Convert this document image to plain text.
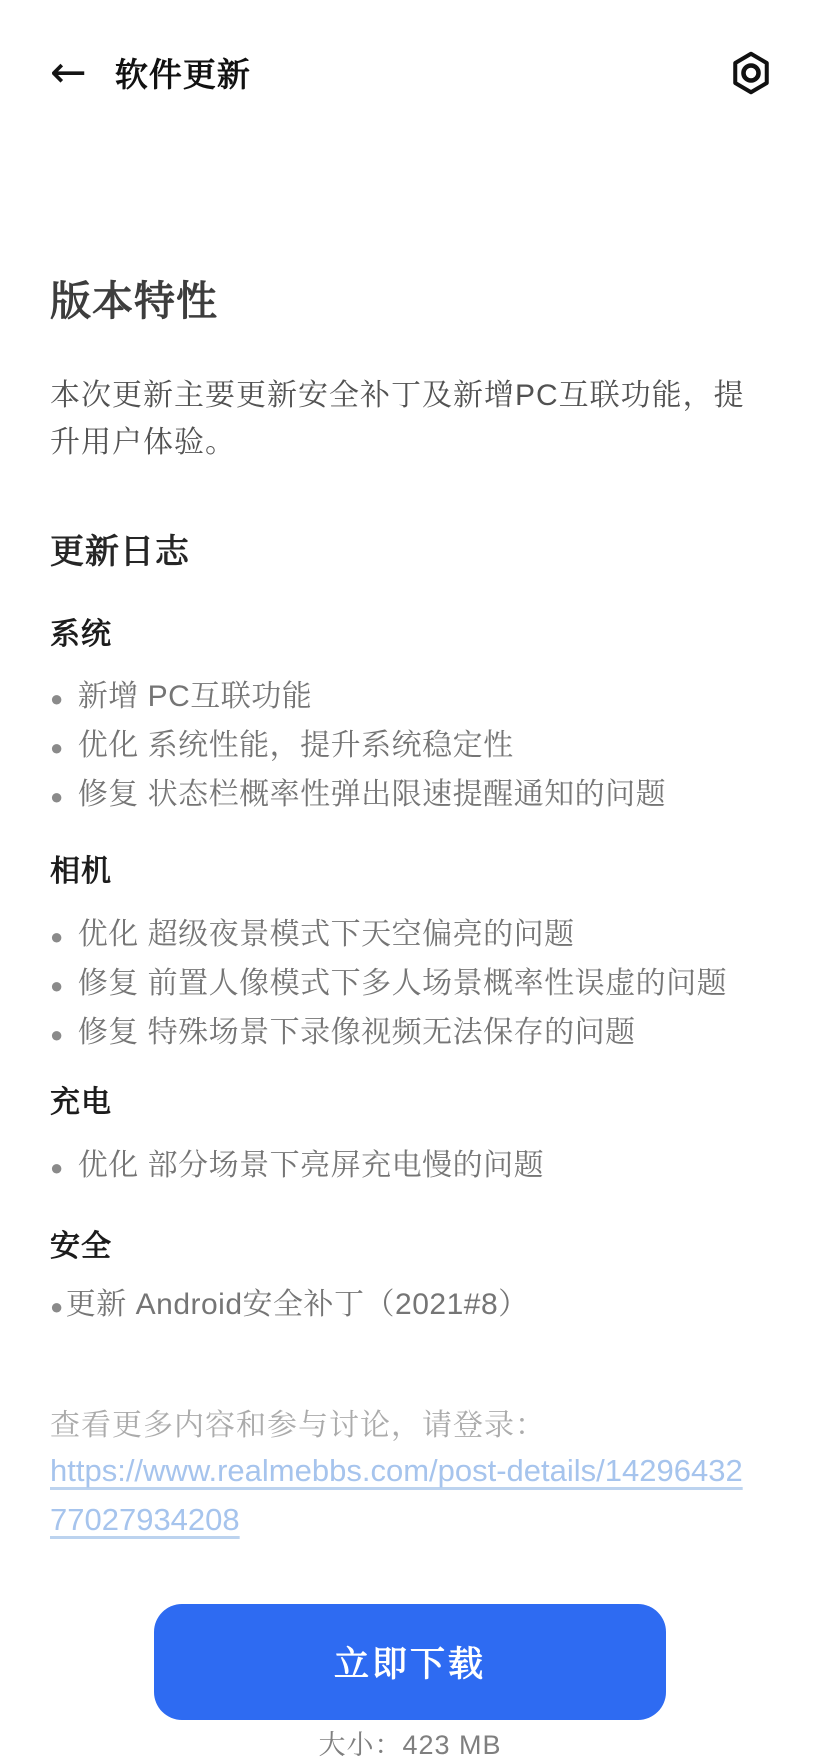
← 软件更新
版本特性

本次更新主要更新安全补丁及新增PC互联功能，提升用户体验。

更新日志
系统
● 新增 PC互联功能
● 优化 系统性能，提升系统稳定性
● 修复 状态栏概率性弹出限速提醒通知的问题
相机
● 优化 超级夜景模式下天空偏亮的问题
● 修复 前置人像模式下多人场景概率性误虚的问题
● 修复 特殊场景下录像视频无法保存的问题
充电
● 优化 部分场景下亮屏充电慢的问题
安全
● 更新 Android安全补丁（2021#8）

查看更多内容和参与讨论，请登录：

https://www.realmebbs.com/post-details/1429643277027934208
立即下载

大小：423 MB
